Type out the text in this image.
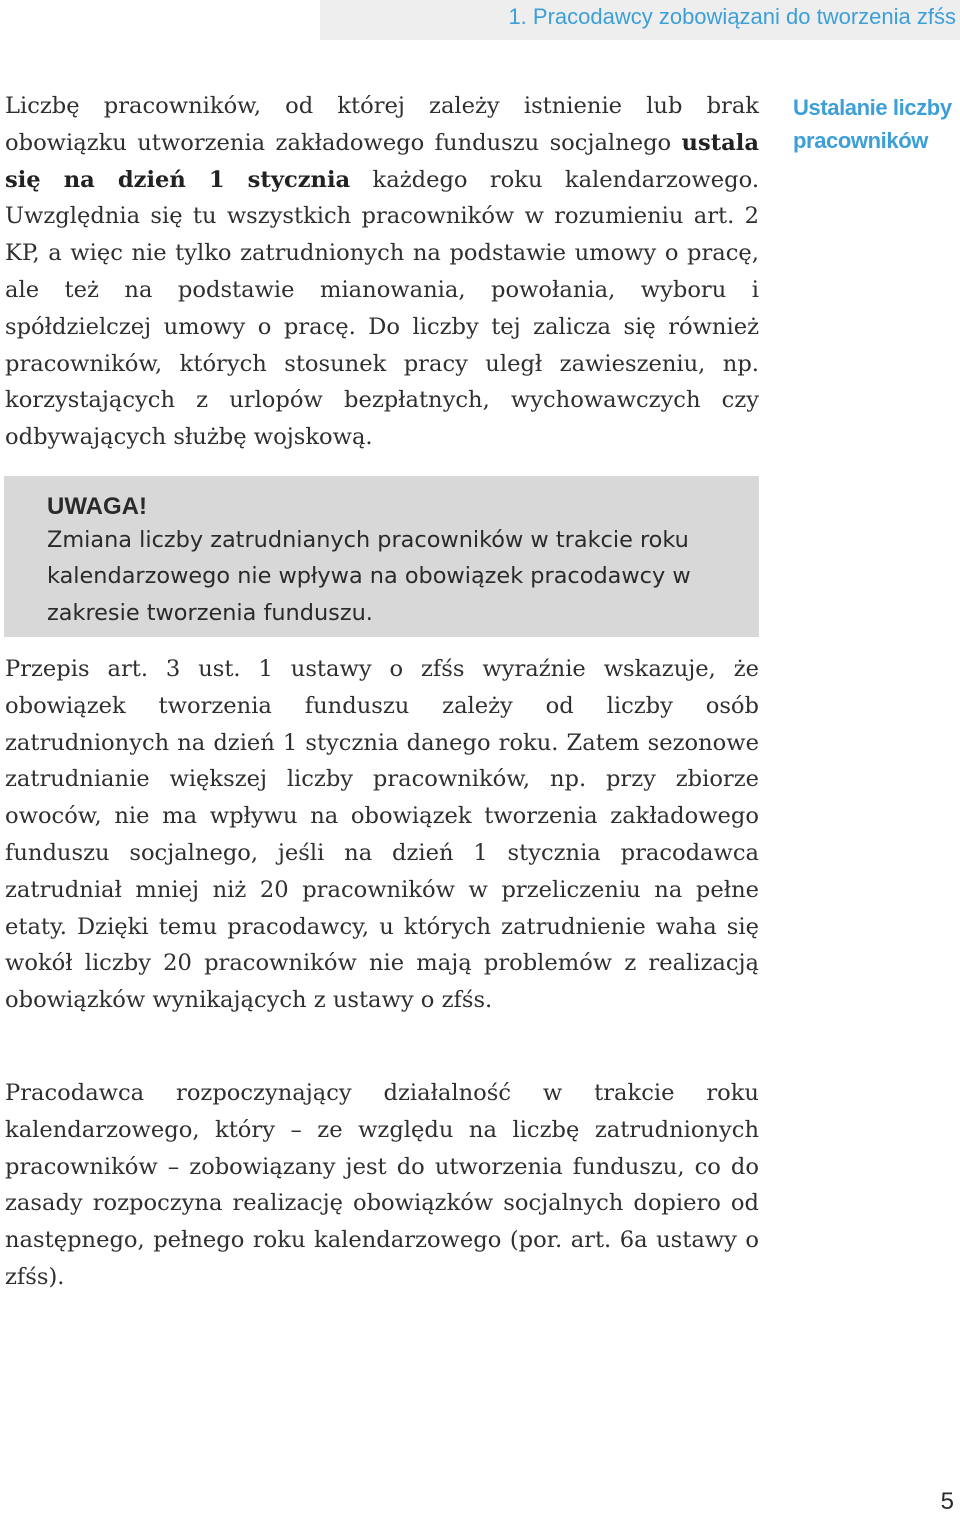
1. Pracodawcy zobowiązani do tworzenia zfśs

Liczbę pracowników, od której zależy istnienie lub brak obowiązku utworzenia zakładowego funduszu socjalnego ustala się na dzień 1 stycznia każdego roku kalendarzowego. Uwzględnia się tu wszystkich pracowników w rozumieniu art. 2 KP, a więc nie tylko zatrudnionych na podstawie umowy o pracę, ale też na podstawie mianowania, powołania, wyboru i spółdzielczej umowy o pracę. Do liczby tej zalicza się również pracowników, których stosunek pracy uległ zawieszeniu, np. korzystających z urlopów bezpłatnych, wychowawczych czy odbywających służbę wojskową.

Ustalanie liczby pracowników
UWAGA!

Zmiana liczby zatrudnianych pracowników w trakcie roku kalendarzowego nie wpływa na obowiązek pracodawcy w zakresie tworzenia funduszu.

Przepis art. 3 ust. 1 ustawy o zfśs wyraźnie wskazuje, że obowiązek tworzenia funduszu zależy od liczby osób zatrudnionych na dzień 1 stycznia danego roku. Zatem sezonowe zatrudnianie większej liczby pracowników, np. przy zbiorze owoców, nie ma wpływu na obowiązek tworzenia zakładowego funduszu socjalnego, jeśli na dzień 1 stycznia pracodawca zatrudniał mniej niż 20 pracowników w przeliczeniu na pełne etaty. Dzięki temu pracodawcy, u których zatrudnienie waha się wokół liczby 20 pracowników nie mają problemów z realizacją obowiązków wynikających z ustawy o zfśs.

Pracodawca rozpoczynający działalność w trakcie roku kalendarzowego, który – ze względu na liczbę zatrudnionych pracowników – zobowiązany jest do utworzenia funduszu, co do zasady rozpoczyna realizację obowiązków socjalnych dopiero od następnego, pełnego roku kalendarzowego (por. art. 6a ustawy o zfśs).

5
